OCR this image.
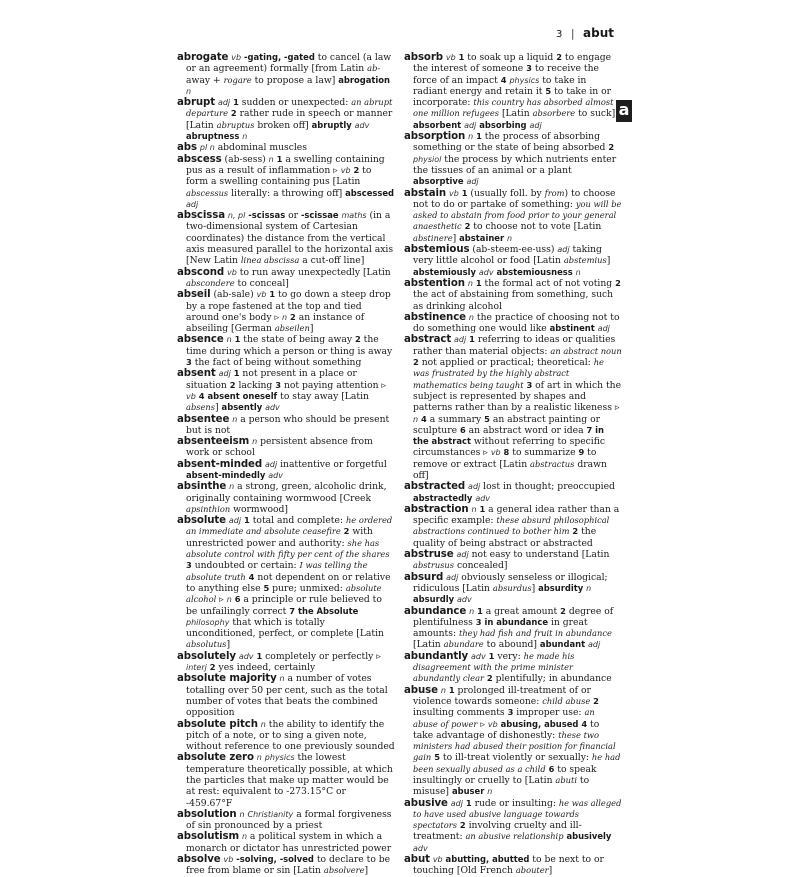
3 | abut
a
abrogate vb -gating, -gated to cancel (a law or an agreement) formally [from Latin ab- away + rogare to propose a law] abrogation n
abrupt adj 1 sudden or unexpected: an abrupt departure 2 rather rude in speech or manner [Latin abruptus broken off] abruptly adv abruptness n
abs pl n abdominal muscles
abscess (ab-sess) n 1 a swelling containing pus as a result of inflammation ▹ vb 2 to form a swelling containing pus [Latin abscessus literally: a throwing off] abscessed adj
abscissa n, pl -scissas or -scissae maths (in a two-dimensional system of Cartesian coordinates) the distance from the vertical axis measured parallel to the horizontal axis [New Latin linea abscissa a cut-off line]
abscond vb to run away unexpectedly [Latin abscondere to conceal]
abseil (ab-sale) vb 1 to go down a steep drop by a rope fastened at the top and tied around one's body ▹ n 2 an instance of abseiling [German abseilen]
absence n 1 the state of being away 2 the time during which a person or thing is away 3 the fact of being without something
absent adj 1 not present in a place or situation 2 lacking 3 not paying attention ▹ vb 4 absent oneself to stay away [Latin absens] absently adv
absentee n a person who should be present but is not
absenteeism n persistent absence from work or school
absent-minded adj inattentive or forgetful absent-mindedly adv
absinthe n a strong, green, alcoholic drink, originally containing wormwood [Creek apsinthion wormwood]
absolute adj 1 total and complete: he ordered an immediate and absolute ceasefire 2 with unrestricted power and authority: she has absolute control with fifty per cent of the shares 3 undoubted or certain: I was telling the absolute truth 4 not dependent on or relative to anything else 5 pure; unmixed: absolute alcohol ▹ n 6 a principle or rule believed to be unfailingly correct 7 the Absolute philosophy that which is totally unconditioned, perfect, or complete [Latin absolutus]
absolutely adv 1 completely or perfectly ▹ interj 2 yes indeed, certainly
absolute majority n a number of votes totalling over 50 per cent, such as the total number of votes that beats the combined opposition
absolute pitch n the ability to identify the pitch of a note, or to sing a given note, without reference to one previously sounded
absolute zero n physics the lowest temperature theoretically possible, at which the particles that make up matter would be at rest: equivalent to -273.15°C or -459.67°F
absolution n Christianity a formal forgiveness of sin pronounced by a priest
absolutism n a political system in which a monarch or dictator has unrestricted power
absolve vb -solving, -solved to declare to be free from blame or sin [Latin absolvere]
absorb vb 1 to soak up a liquid 2 to engage the interest of someone 3 to receive the force of an impact 4 physics to take in radiant energy and retain it 5 to take in or incorporate: this country has absorbed almost one million refugees [Latin absorbere to suck] absorbent adj absorbing adj
absorption n 1 the process of absorbing something or the state of being absorbed 2 physiol the process by which nutrients enter the tissues of an animal or a plant absorptive adj
abstain vb 1 (usually foll. by from) to choose not to do or partake of something: you will be asked to abstain from food prior to your general anaesthetic 2 to choose not to vote [Latin abstinere] abstainer n
abstemious (ab-steem-ee-uss) adj taking very little alcohol or food [Latin abstemius] abstemiously adv abstemiousness n
abstention n 1 the formal act of not voting 2 the act of abstaining from something, such as drinking alcohol
abstinence n the practice of choosing not to do something one would like abstinent adj
abstract adj 1 referring to ideas or qualities rather than material objects: an abstract noun 2 not applied or practical; theoretical: he was frustrated by the highly abstract mathematics being taught 3 of art in which the subject is represented by shapes and patterns rather than by a realistic likeness ▹ n 4 a summary 5 an abstract painting or sculpture 6 an abstract word or idea 7 in the abstract without referring to specific circumstances ▹ vb 8 to summarize 9 to remove or extract [Latin abstractus drawn off]
abstracted adj lost in thought; preoccupied abstractedly adv
abstraction n 1 a general idea rather than a specific example: these absurd philosophical abstractions continued to bother him 2 the quality of being abstract or abstracted
abstruse adj not easy to understand [Latin abstrusus concealed]
absurd adj obviously senseless or illogical; ridiculous [Latin absurdus] absurdity n absurdly adv
abundance n 1 a great amount 2 degree of plentifulness 3 in abundance in great amounts: they had fish and fruit in abundance [Latin abundare to abound] abundant adj
abundantly adv 1 very: he made his disagreement with the prime minister abundantly clear 2 plentifully; in abundance
abuse n 1 prolonged ill-treatment of or violence towards someone: child abuse 2 insulting comments 3 improper use: an abuse of power ▹ vb abusing, abused 4 to take advantage of dishonestly: these two ministers had abused their position for financial gain 5 to ill-treat violently or sexually: he had been sexually abused as a child 6 to speak insultingly or cruelly to [Latin abuti to misuse] abuser n
abusive adj 1 rude or insulting: he was alleged to have used abusive language towards spectators 2 involving cruelty and ill-treatment: an abusive relationship abusively adv
abut vb abutting, abutted to be next to or touching [Old French abouter]
